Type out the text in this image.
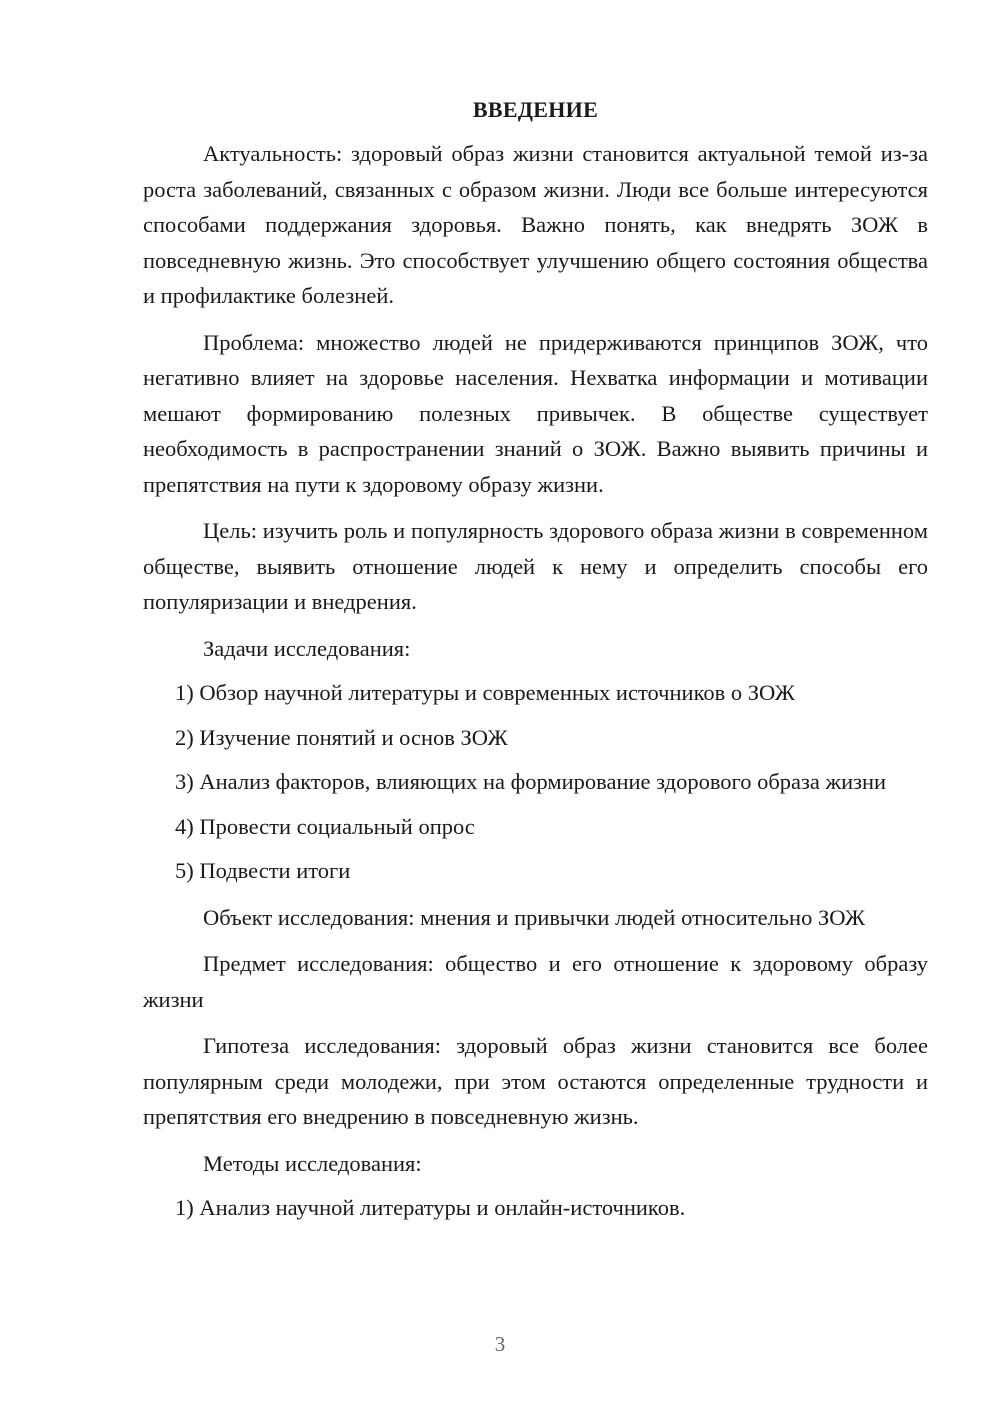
ВВЕДЕНИЕ

Актуальность: здоровый образ жизни становится актуальной темой из-за роста заболеваний, связанных с образом жизни. Люди все больше интересуются способами поддержания здоровья. Важно понять, как внедрять ЗОЖ в повседневную жизнь. Это способствует улучшению общего состояния общества и профилактике болезней.

Проблема: множество людей не придерживаются принципов ЗОЖ, что негативно влияет на здоровье населения. Нехватка информации и мотивации мешают формированию полезных привычек. В обществе существует необходимость в распространении знаний о ЗОЖ. Важно выявить причины и препятствия на пути к здоровому образу жизни.

Цель: изучить роль и популярность здорового образа жизни в современном обществе, выявить отношение людей к нему и определить способы его популяризации и внедрения.

Задачи исследования:

1) Обзор научной литературы и современных источников о ЗОЖ

2) Изучение понятий и основ ЗОЖ

3) Анализ факторов, влияющих на формирование здорового образа жизни

4) Провести социальный опрос

5) Подвести итоги

Объект исследования: мнения и привычки людей относительно ЗОЖ

Предмет исследования: общество и его отношение к здоровому образу жизни

Гипотеза исследования: здоровый образ жизни становится все более популярным среди молодежи, при этом остаются определенные трудности и препятствия его внедрению в повседневную жизнь.

Методы исследования:

1) Анализ научной литературы и онлайн-источников.

3
